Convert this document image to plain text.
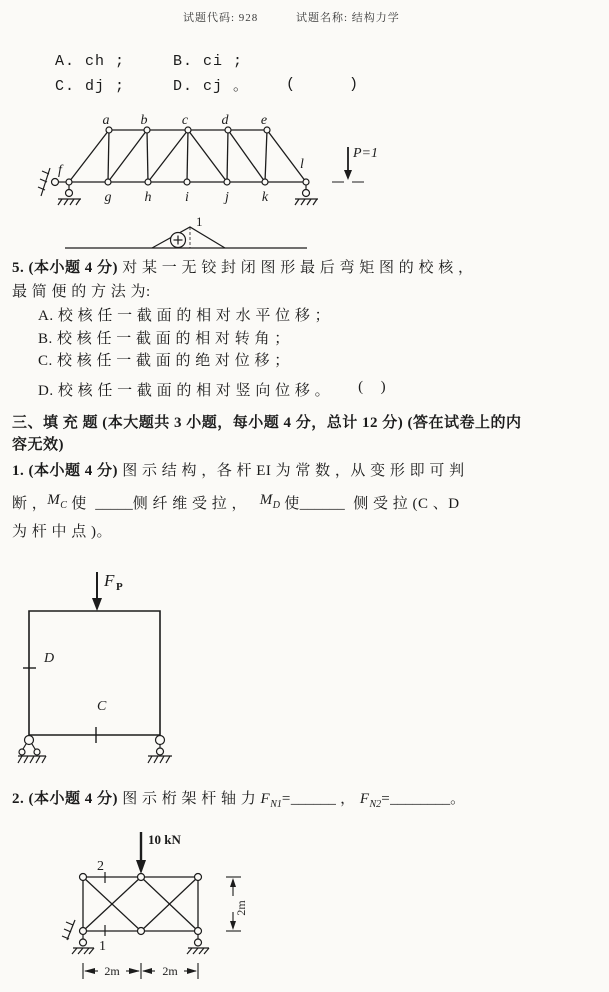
试题代码: 928	试题名称: 结构力学
A. ch ;	B. ci ;
C. dj ;	D. cj 。 (      )
a b c d e
f
g h i	j k
l
P=1
1
5. (本小题 4 分) 对 某 一 无 铰 封 闭 图 形 最 后 弯 矩 图 的 校 核 ，
最 简 便 的 方 法 为:
A. 校 核 任 一 截 面 的 相 对 水 平 位 移 ；
B. 校 核 任 一 截 面 的 相 对 转 角 ；
C. 校 核 任 一 截 面 的 绝 对 位 移 ；
D. 校 核 任 一 截 面 的 相 对 竖 向 位 移 。 (    )
三、填 充 题 (本大题共 3 小题，每小题 4 分，总计 12 分) (答在试卷上的内
容无效)
1. (本小题 4 分) 图 示 结 构 ，各 杆 EI 为 常 数 ，从 变 形 即 可 判
断 ，$M_C$ 使  _____侧 纤 维 受 拉 ，   $M_D$ 使______  侧 受 拉 (C 、D
为 杆 中 点 )。
F P
D
C
2. (本小题 4 分) 图 示 桁 架 杆 轴 力 $F_{N1}=\_\_\_\_\_\_$ ， $F_{N2}=\_\_\_\_\_\_\_\_$。
10 kN
2
1
2m
2m	2m
